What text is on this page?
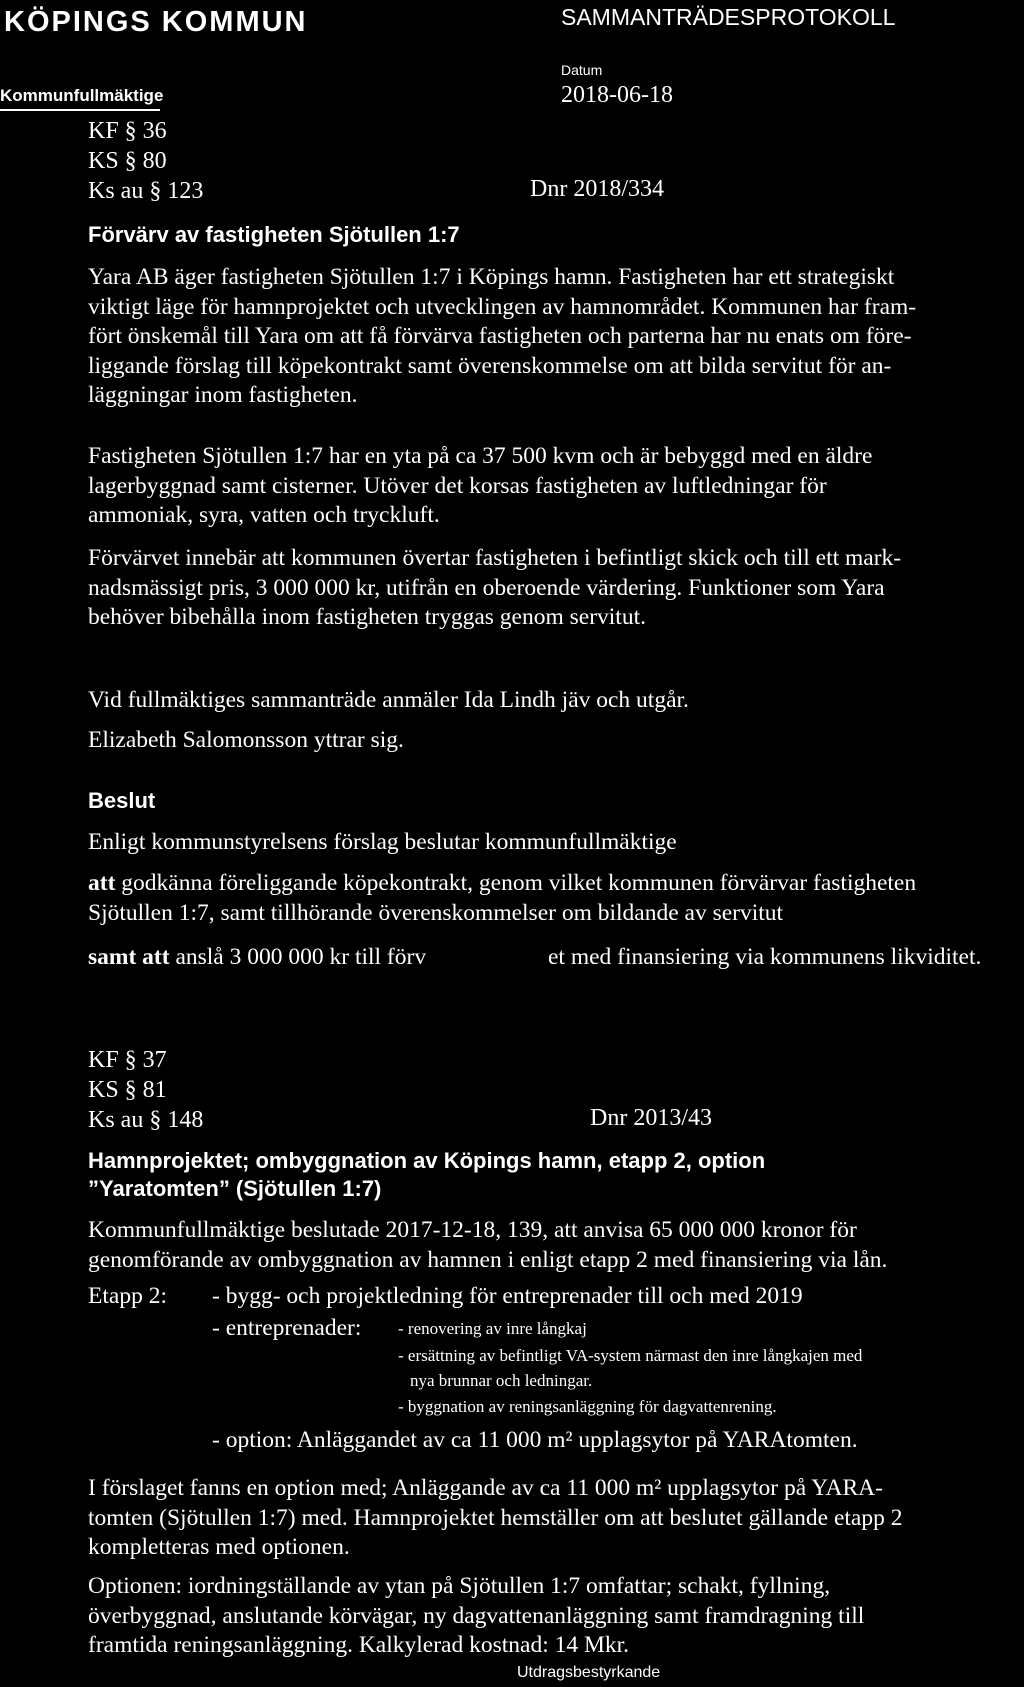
KÖPINGS KOMMUN	SAMMANTRÄDESPROTOKOLL
Datum
2018-06-18
Kommunfullmäktige
KF § 36
KS § 80
Ks au § 123	Dnr 2018/334
Förvärv av fastigheten Sjötullen 1:7
Yara AB äger fastigheten Sjötullen 1:7 i Köpings hamn. Fastigheten har ett strategiskt
viktigt läge för hamnprojektet och utvecklingen av hamnområdet. Kommunen har fram-
fört önskemål till Yara om att få förvärva fastigheten och parterna har nu enats om före-
liggande förslag till köpekontrakt samt överenskommelse om att bilda servitut för an-
läggningar inom fastigheten.
Fastigheten Sjötullen 1:7 har en yta på ca 37 500 kvm och är bebyggd med en äldre
lagerbyggnad samt cisterner. Utöver det korsas fastigheten av luftledningar för
ammoniak, syra, vatten och tryckluft.
Förvärvet innebär att kommunen övertar fastigheten i befintligt skick och till ett mark-
nadsmässigt pris, 3 000 000 kr, utifrån en oberoende värdering. Funktioner som Yara
behöver bibehålla inom fastigheten tryggas genom servitut.
Vid fullmäktiges sammanträde anmäler Ida Lindh jäv och utgår.
Elizabeth Salomonsson yttrar sig.
Beslut
Enligt kommunstyrelsens förslag beslutar kommunfullmäktige
att godkänna föreliggande köpekontrakt, genom vilket kommunen förvärvar fastigheten
Sjötullen 1:7, samt tillhörande överenskommelser om bildande av servitut
samt att anslå 3 000 000 kr till förv	et med finansiering via kommunens likviditet.
KF § 37
KS § 81
Ks au § 148	Dnr 2013/43
Hamnprojektet; ombyggnation av Köpings hamn, etapp 2, option
”Yaratomten” (Sjötullen 1:7)
Kommunfullmäktige beslutade 2017-12-18, 139, att anvisa 65 000 000 kronor för
genomförande av ombyggnation av hamnen i enligt etapp 2 med finansiering via lån.
Etapp 2: - bygg- och projektledning för entreprenader till och med 2019
- entreprenader: - renovering av inre långkaj
- ersättning av befintligt VA-system närmast den inre långkajen med
nya brunnar och ledningar.
- byggnation av reningsanläggning för dagvattenrening.
- option: Anläggandet av ca 11 000 m² upplagsytor på YARAtomten.
I förslaget fanns en option med; Anläggande av ca 11 000 m² upplagsytor på YARA-
tomten (Sjötullen 1:7) med. Hamnprojektet hemställer om att beslutet gällande etapp 2
kompletteras med optionen.
Optionen: iordningställande av ytan på Sjötullen 1:7 omfattar; schakt, fyllning,
överbyggnad, anslutande körvägar, ny dagvattenanläggning samt framdragning till
framtida reningsanläggning. Kalkylerad kostnad: 14 Mkr.
Utdragsbestyrkande
